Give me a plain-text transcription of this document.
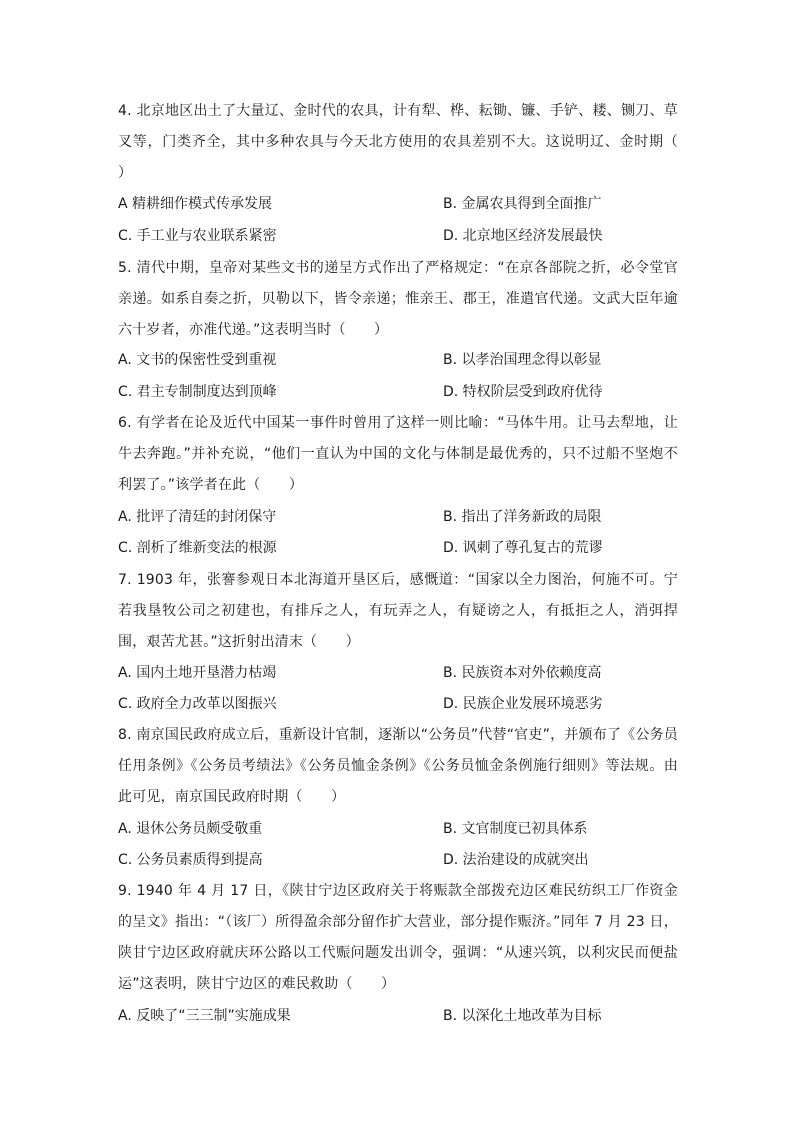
4. 北京地区出土了大量辽、金时代的农具，计有犁、桦、耘锄、镰、手铲、耧、铡刀、草叉等，门类齐全，其中多种农具与今天北方使用的农具差别不大。这说明辽、金时期（　　）
A 精耕细作模式传承发展	B. 金属农具得到全面推广
C. 手工业与农业联系紧密	D. 北京地区经济发展最快
5. 清代中期，皇帝对某些文书的递呈方式作出了严格规定：“在京各部院之折，必令堂官亲递。如系自奏之折，贝勒以下，皆令亲递；惟亲王、郡王，准遣官代递。文武大臣年逾六十岁者，亦准代递。”这表明当时（　　）
A. 文书的保密性受到重视	B. 以孝治国理念得以彰显
C. 君主专制制度达到顶峰	D. 特权阶层受到政府优待
6. 有学者在论及近代中国某一事件时曾用了这样一则比喻：“马体牛用。让马去犁地，让牛去奔跑。”并补充说，“他们一直认为中国的文化与体制是最优秀的，只不过船不坚炮不利罢了。”该学者在此（　　）
A. 批评了清廷的封闭保守	B. 指出了洋务新政的局限
C. 剖析了维新变法的根源	D. 讽刺了尊孔复古的荒谬
7. 1903 年，张謇参观日本北海道开垦区后，感慨道：“国家以全力图治，何施不可。宁若我垦牧公司之初建也，有排斥之人，有玩弄之人，有疑谤之人，有抵拒之人，消弭捍围，艰苦尤甚。”这折射出清末（　　）
A. 国内土地开垦潜力枯竭	B. 民族资本对外依赖度高
C. 政府全力改革以图振兴	D. 民族企业发展环境恶劣
8. 南京国民政府成立后，重新设计官制，逐渐以“公务员”代替“官吏”，并颁布了《公务员任用条例》《公务员考绩法》《公务员恤金条例》《公务员恤金条例施行细则》等法规。由此可见，南京国民政府时期（　　）
A. 退休公务员颇受敬重	B. 文官制度已初具体系
C. 公务员素质得到提高	D. 法治建设的成就突出
9. 1940 年 4 月 17 日，《陕甘宁边区政府关于将赈款全部拨充边区难民纺织工厂作资金的呈文》指出：“（该厂）所得盈余部分留作扩大营业，部分提作赈济。”同年 7 月 23 日，陕甘宁边区政府就庆环公路以工代赈问题发出训令，强调：“从速兴筑，以利灾民而便盐运”这表明，陕甘宁边区的难民救助（　　）
A. 反映了“三三制”实施成果	B. 以深化土地改革为目标
